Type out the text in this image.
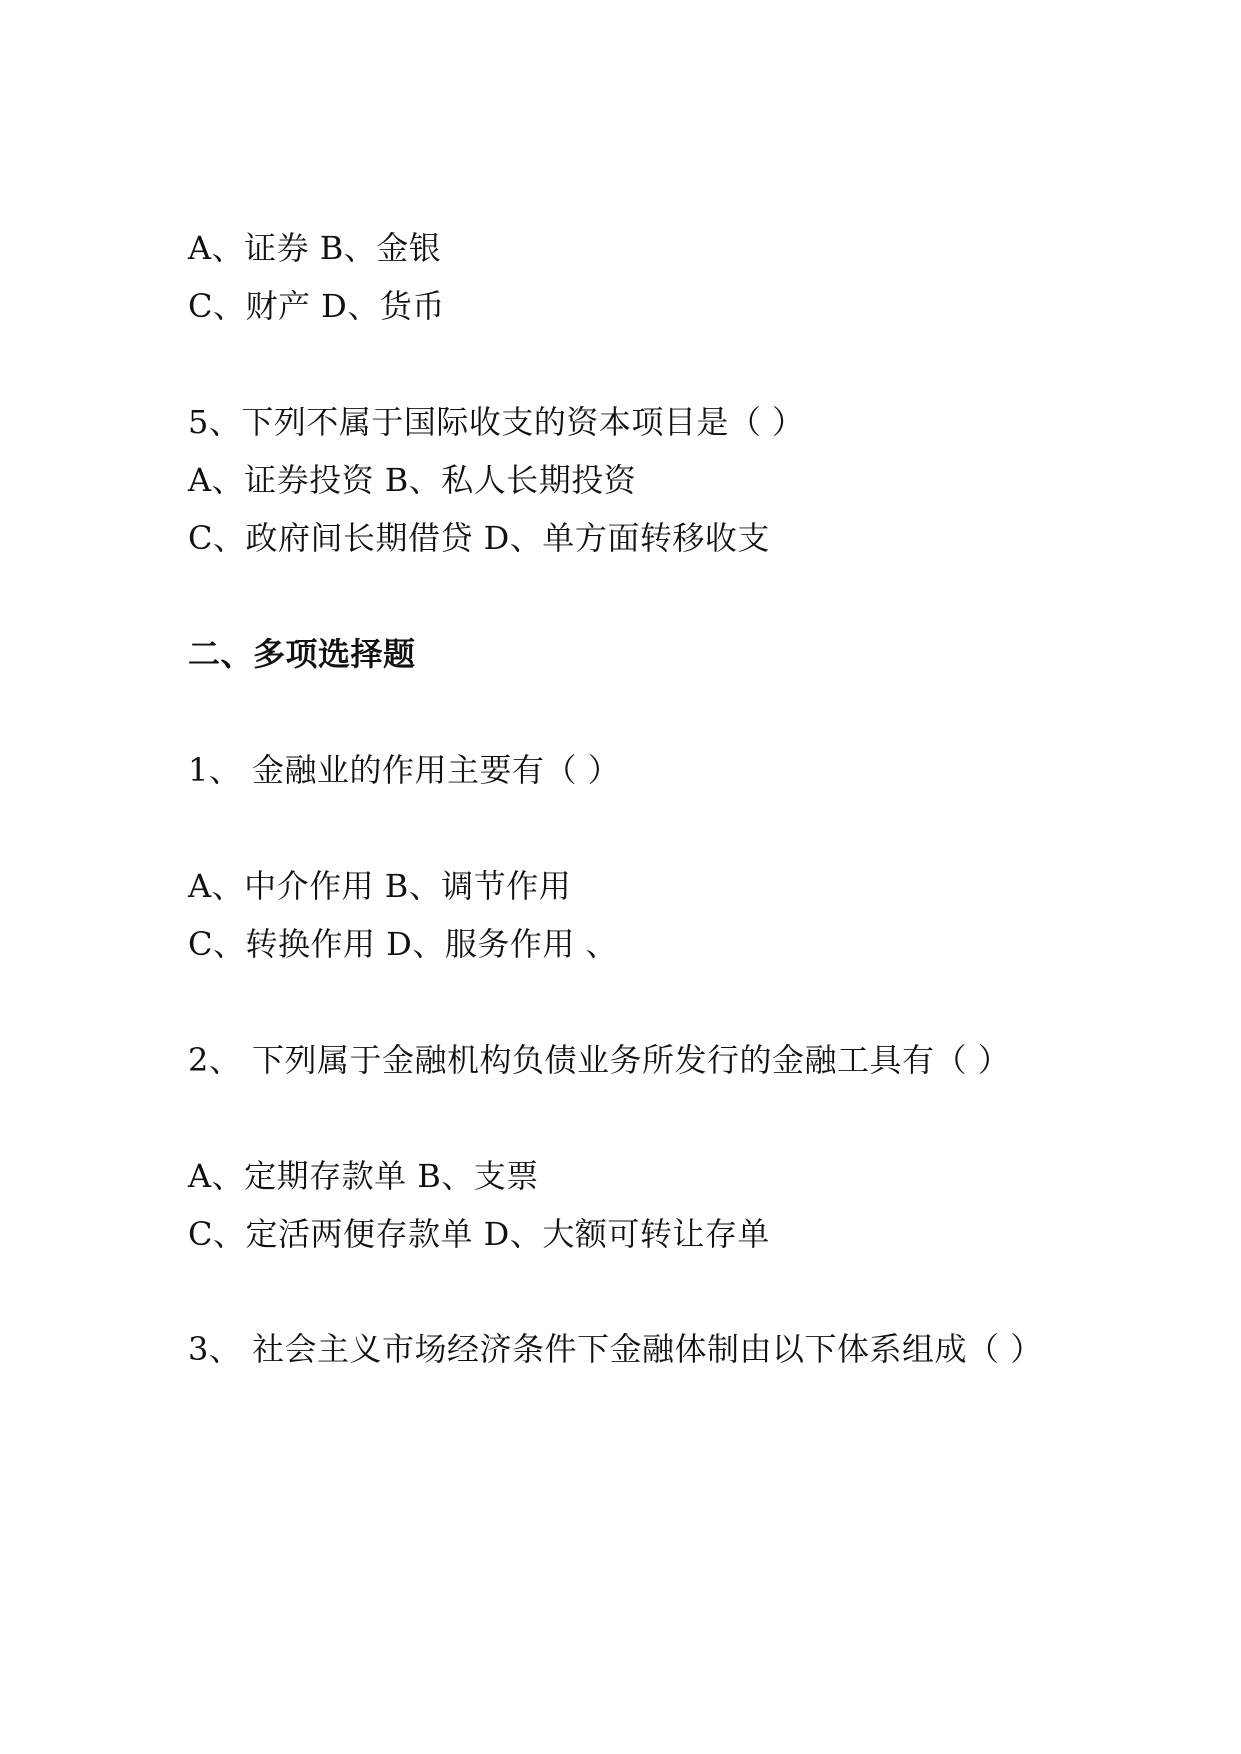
A、证券 B、金银
C、财产 D、货币
5、下列不属于国际收支的资本项目是（ ）
A、证券投资 B、私人长期投资
C、政府间长期借贷 D、单方面转移收支
二、多项选择题
1、 金融业的作用主要有（ ）
A、中介作用 B、调节作用
C、转换作用 D、服务作用 、
2、 下列属于金融机构负债业务所发行的金融工具有（ ）
A、定期存款单 B、支票
C、定活两便存款单 D、大额可转让存单
3、 社会主义市场经济条件下金融体制由以下体系组成（ ）
